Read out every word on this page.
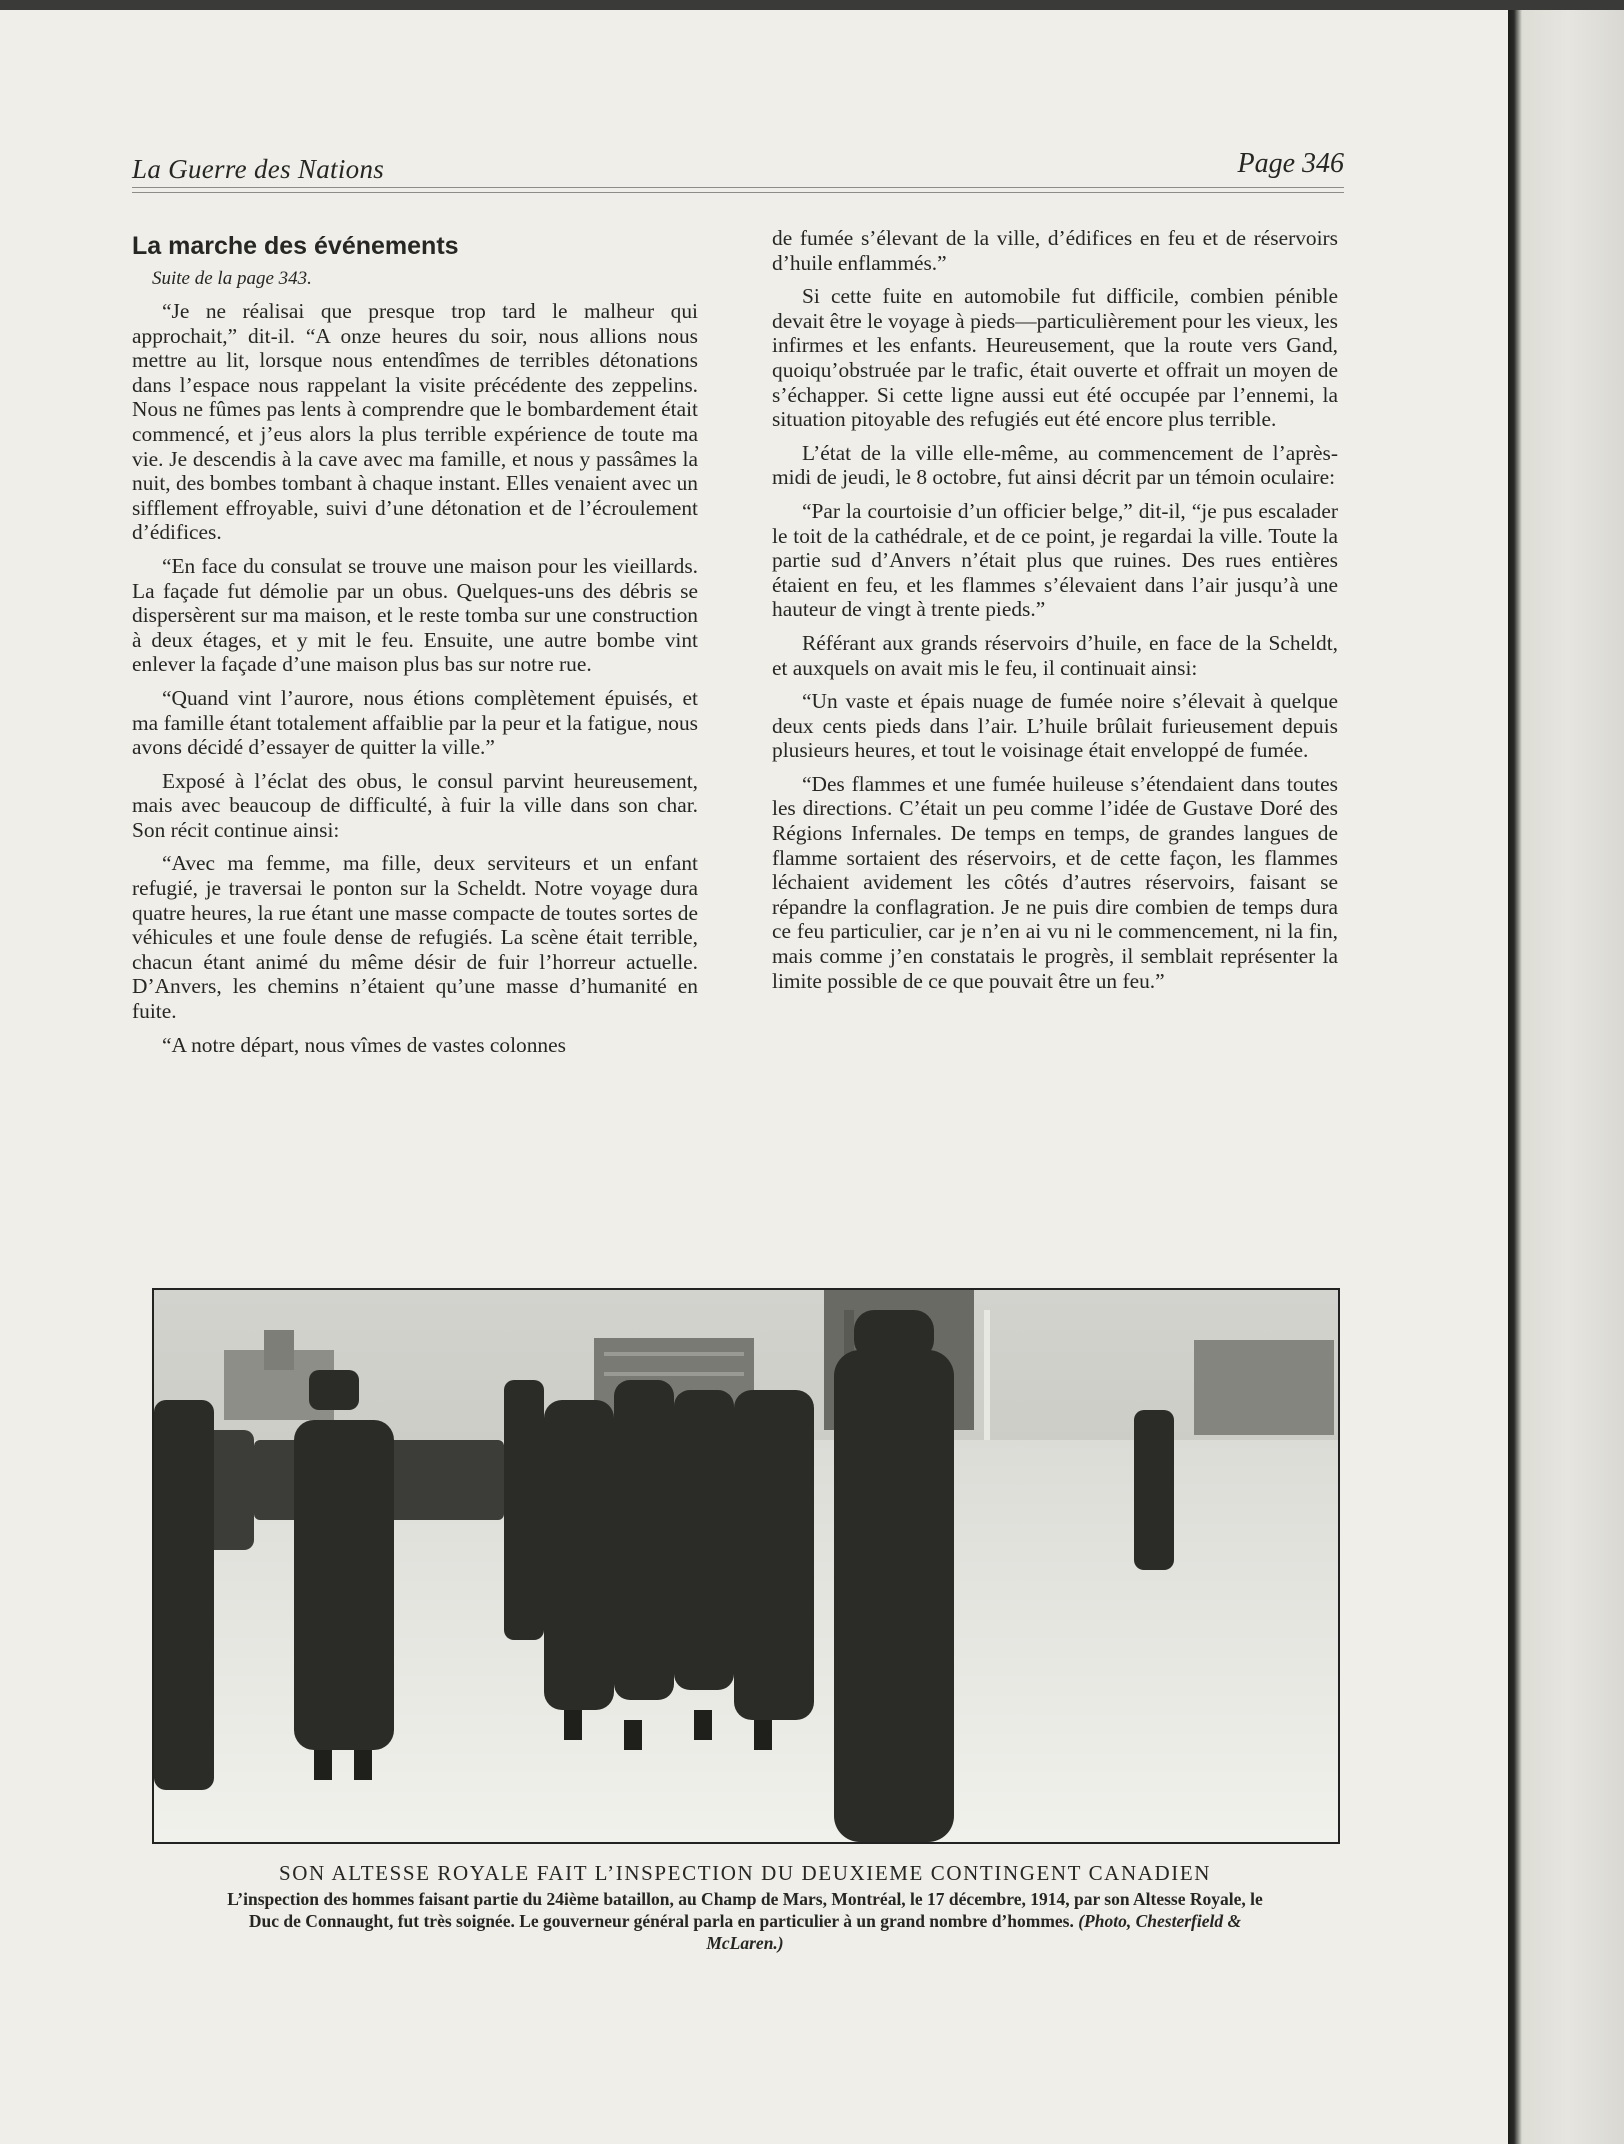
La Guerre des Nations	Page 346
La marche des événements
Suite de la page 343.

“Je ne réalisai que presque trop tard le malheur qui approchait,” dit-il. “A onze heures du soir, nous allions nous mettre au lit, lorsque nous entendîmes de terribles détonations dans l’espace nous rappelant la visite précédente des zeppelins. Nous ne fûmes pas lents à comprendre que le bombardement était commencé, et j’eus alors la plus terrible expérience de toute ma vie. Je descendis à la cave avec ma famille, et nous y passâmes la nuit, des bombes tombant à chaque instant. Elles venaient avec un sifflement effroyable, suivi d’une détonation et de l’écroulement d’édifices.

“En face du consulat se trouve une maison pour les vieillards. La façade fut démolie par un obus. Quelques-uns des débris se dispersèrent sur ma maison, et le reste tomba sur une construction à deux étages, et y mit le feu. Ensuite, une autre bombe vint enlever la façade d’une maison plus bas sur notre rue.

“Quand vint l’aurore, nous étions complètement épuisés, et ma famille étant totalement affaiblie par la peur et la fatigue, nous avons décidé d’essayer de quitter la ville.”

Exposé à l’éclat des obus, le consul parvint heureusement, mais avec beaucoup de difficulté, à fuir la ville dans son char. Son récit continue ainsi:

“Avec ma femme, ma fille, deux serviteurs et un enfant refugié, je traversai le ponton sur la Scheldt. Notre voyage dura quatre heures, la rue étant une masse compacte de toutes sortes de véhicules et une foule dense de refugiés. La scène était terrible, chacun étant animé du même désir de fuir l’horreur actuelle. D’Anvers, les chemins n’étaient qu’une masse d’humanité en fuite.

“A notre départ, nous vîmes de vastes colonnes

de fumée s’élevant de la ville, d’édifices en feu et de réservoirs d’huile enflammés.”

Si cette fuite en automobile fut difficile, combien pénible devait être le voyage à pieds—particulièrement pour les vieux, les infirmes et les enfants. Heureusement, que la route vers Gand, quoiqu’obstruée par le trafic, était ouverte et offrait un moyen de s’échapper. Si cette ligne aussi eut été occupée par l’ennemi, la situation pitoyable des refugiés eut été encore plus terrible.

L’état de la ville elle-même, au commencement de l’après-midi de jeudi, le 8 octobre, fut ainsi décrit par un témoin oculaire:

“Par la courtoisie d’un officier belge,” dit-il, “je pus escalader le toit de la cathédrale, et de ce point, je regardai la ville. Toute la partie sud d’Anvers n’était plus que ruines. Des rues entières étaient en feu, et les flammes s’élevaient dans l’air jusqu’à une hauteur de vingt à trente pieds.”

Référant aux grands réservoirs d’huile, en face de la Scheldt, et auxquels on avait mis le feu, il continuait ainsi:

“Un vaste et épais nuage de fumée noire s’élevait à quelque deux cents pieds dans l’air. L’huile brûlait furieusement depuis plusieurs heures, et tout le voisinage était enveloppé de fumée.

“Des flammes et une fumée huileuse s’étendaient dans toutes les directions. C’était un peu comme l’idée de Gustave Doré des Régions Infernales. De temps en temps, de grandes langues de flamme sortaient des réservoirs, et de cette façon, les flammes léchaient avidement les côtés d’autres réservoirs, faisant se répandre la conflagration. Je ne puis dire combien de temps dura ce feu particulier, car je n’en ai vu ni le commencement, ni la fin, mais comme j’en constatais le progrès, il semblait représenter la limite possible de ce que pouvait être un feu.”

SON ALTESSE ROYALE FAIT L’INSPECTION DU DEUXIEME CONTINGENT CANADIEN
L’inspection des hommes faisant partie du 24ième bataillon, au Champ de Mars, Montréal, le 17 décembre, 1914, par son Altesse Royale, le Duc de Connaught, fut très soignée. Le gouverneur général parla en particulier à un grand nombre d’hommes. (Photo, Chesterfield & McLaren.)
